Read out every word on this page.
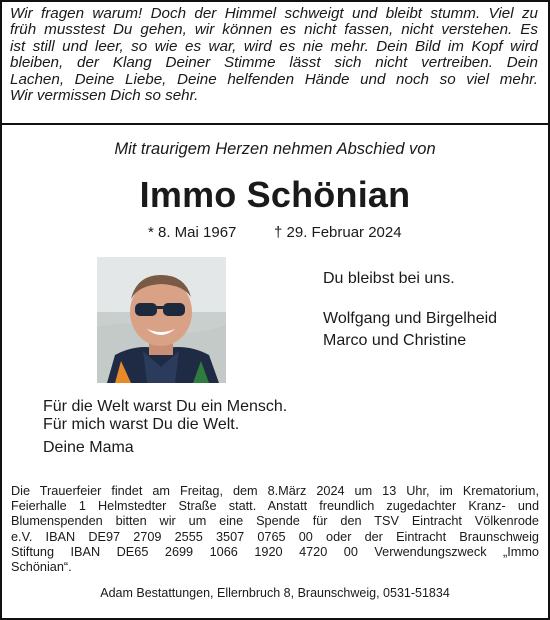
Wir fragen warum! Doch der Himmel schweigt und bleibt stumm. Viel zu
früh musstest Du gehen, wir können es nicht fassen, nicht verstehen. Es
ist still und leer, so wie es war, wird es nie mehr. Dein Bild im Kopf wird
bleiben, der Klang Deiner Stimme lässt sich nicht vertreiben. Dein
Lachen, Deine Liebe, Deine helfenden Hände und noch so viel mehr.
Wir vermissen Dich so sehr.
Mit traurigem Herzen nehmen Abschied von
Immo Schönian
* 8. Mai 1967	† 29. Februar 2024
Du bleibst bei uns.
Wolfgang und Birgelheid
Marco und Christine
Für die Welt warst Du ein Mensch.
Für mich warst Du die Welt.
Deine Mama
Die Trauerfeier findet am Freitag, dem 8.März 2024 um 13 Uhr, im Krematorium,
Feierhalle 1 Helmstedter Straße statt. Anstatt freundlich zugedachter Kranz- und
Blumenspenden bitten wir um eine Spende für den TSV Eintracht Völkenrode
e.V. IBAN DE97 2709 2555 3507 0765 00 oder der Eintracht Braunschweig
Stiftung IBAN DE65 2699 1066 1920 4720 00 Verwendungszweck „Immo
Schönian“.
Adam Bestattungen, Ellernbruch 8, Braunschweig, 0531-51834
